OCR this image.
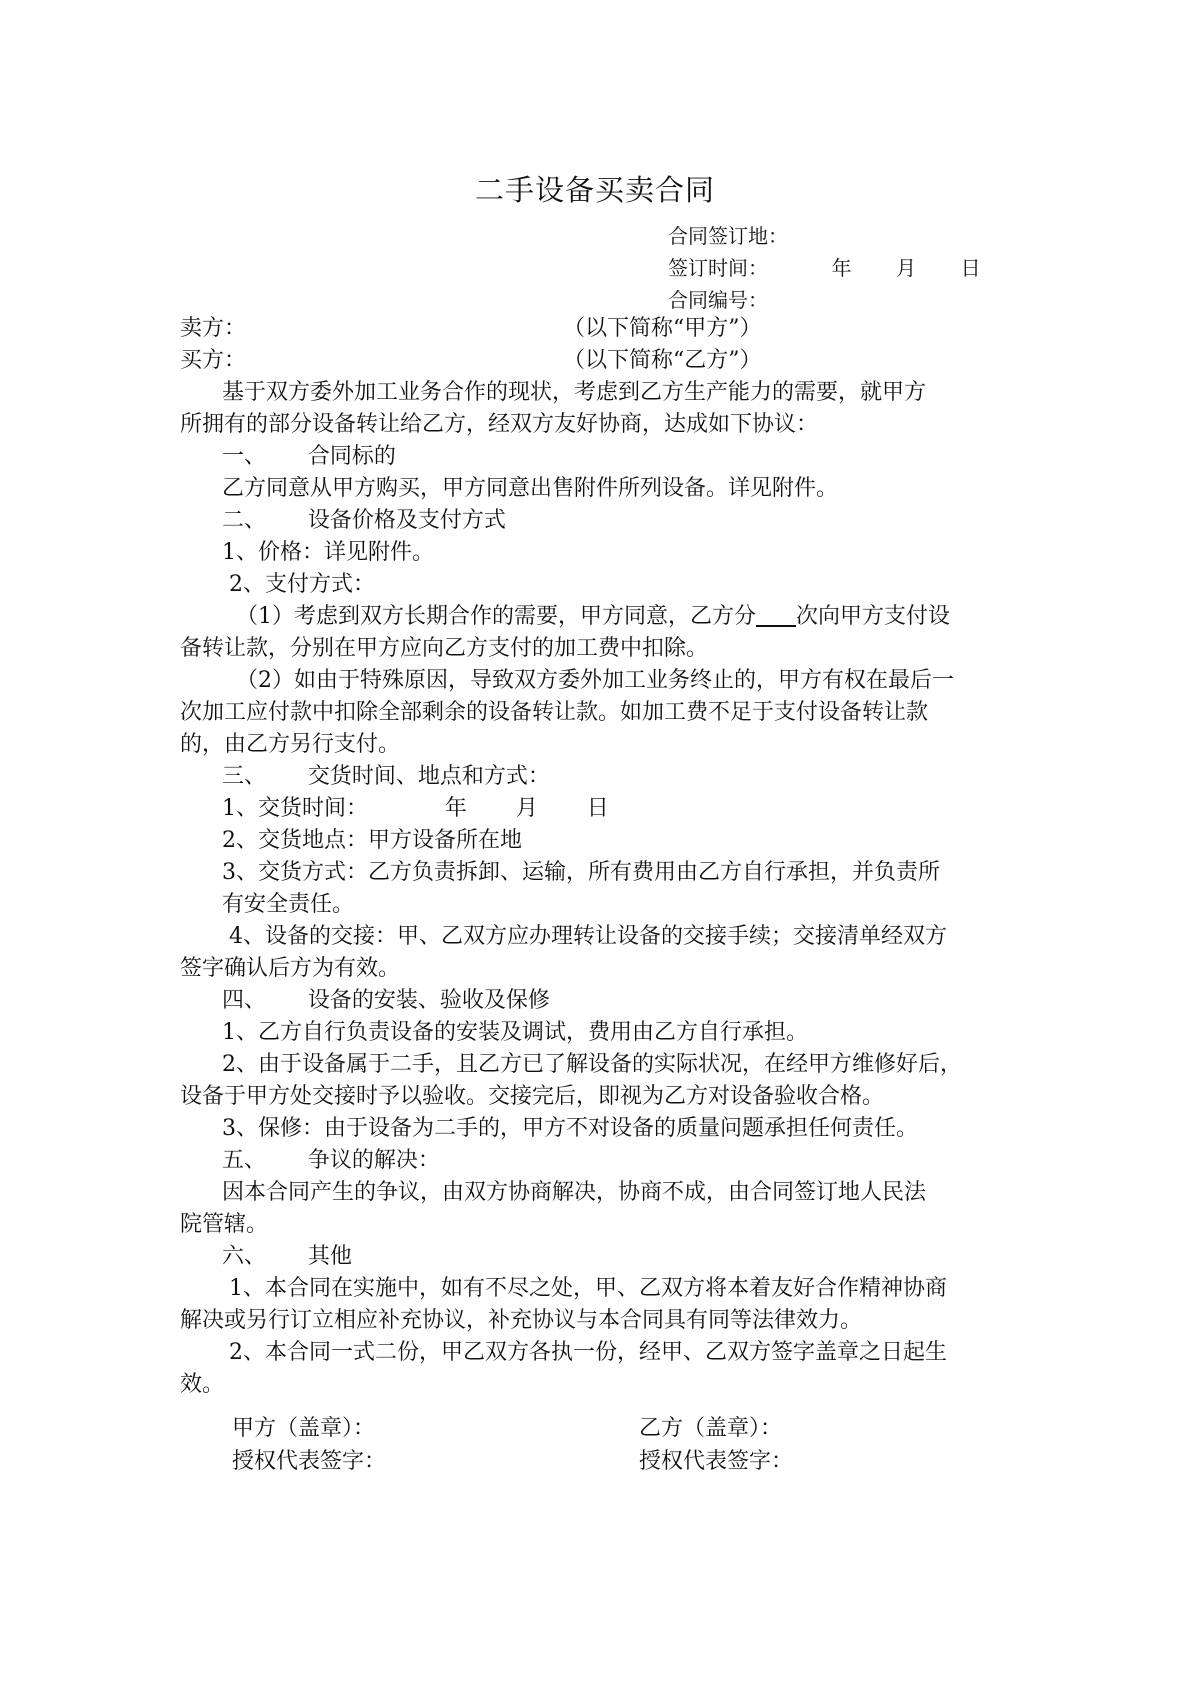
二手设备买卖合同
合同签订地：
签订时间：          年       月       日
合同编号：
卖方：	（以下简称“甲方”）
买方：	（以下简称“乙方”）
基于双方委外加工业务合作的现状，考虑到乙方生产能力的需要，就甲方
所拥有的部分设备转让给乙方，经双方友好协商，达成如下协议：
一、      合同标的
乙方同意从甲方购买，甲方同意出售附件所列设备。详见附件。
二、      设备价格及支付方式
1、价格：详见附件。
2、支付方式：
（1）考虑到双方长期合作的需要，甲方同意，乙方分 次向甲方支付设
备转让款，分别在甲方应向乙方支付的加工费中扣除。
（2）如由于特殊原因，导致双方委外加工业务终止的，甲方有权在最后一
次加工应付款中扣除全部剩余的设备转让款。如加工费不足于支付设备转让款
的，由乙方另行支付。
三、      交货时间、地点和方式：
1、交货时间：           年       月       日
2、交货地点：甲方设备所在地
3、交货方式：乙方负责拆卸、运输，所有费用由乙方自行承担，并负责所
有安全责任。
4、设备的交接：甲、乙双方应办理转让设备的交接手续；交接清单经双方
签字确认后方为有效。
四、      设备的安装、验收及保修
1、乙方自行负责设备的安装及调试，费用由乙方自行承担。
2、由于设备属于二手，且乙方已了解设备的实际状况，在经甲方维修好后，
设备于甲方处交接时予以验收。交接完后，即视为乙方对设备验收合格。
3、保修：由于设备为二手的，甲方不对设备的质量问题承担任何责任。
五、      争议的解决：
因本合同产生的争议，由双方协商解决，协商不成，由合同签订地人民法
院管辖。
六、      其他
1、本合同在实施中，如有不尽之处，甲、乙双方将本着友好合作精神协商
解决或另行订立相应补充协议，补充协议与本合同具有同等法律效力。
2、本合同一式二份，甲乙双方各执一份，经甲、乙双方签字盖章之日起生
效。
甲方（盖章）：	乙方（盖章）：
授权代表签字：	授权代表签字：
